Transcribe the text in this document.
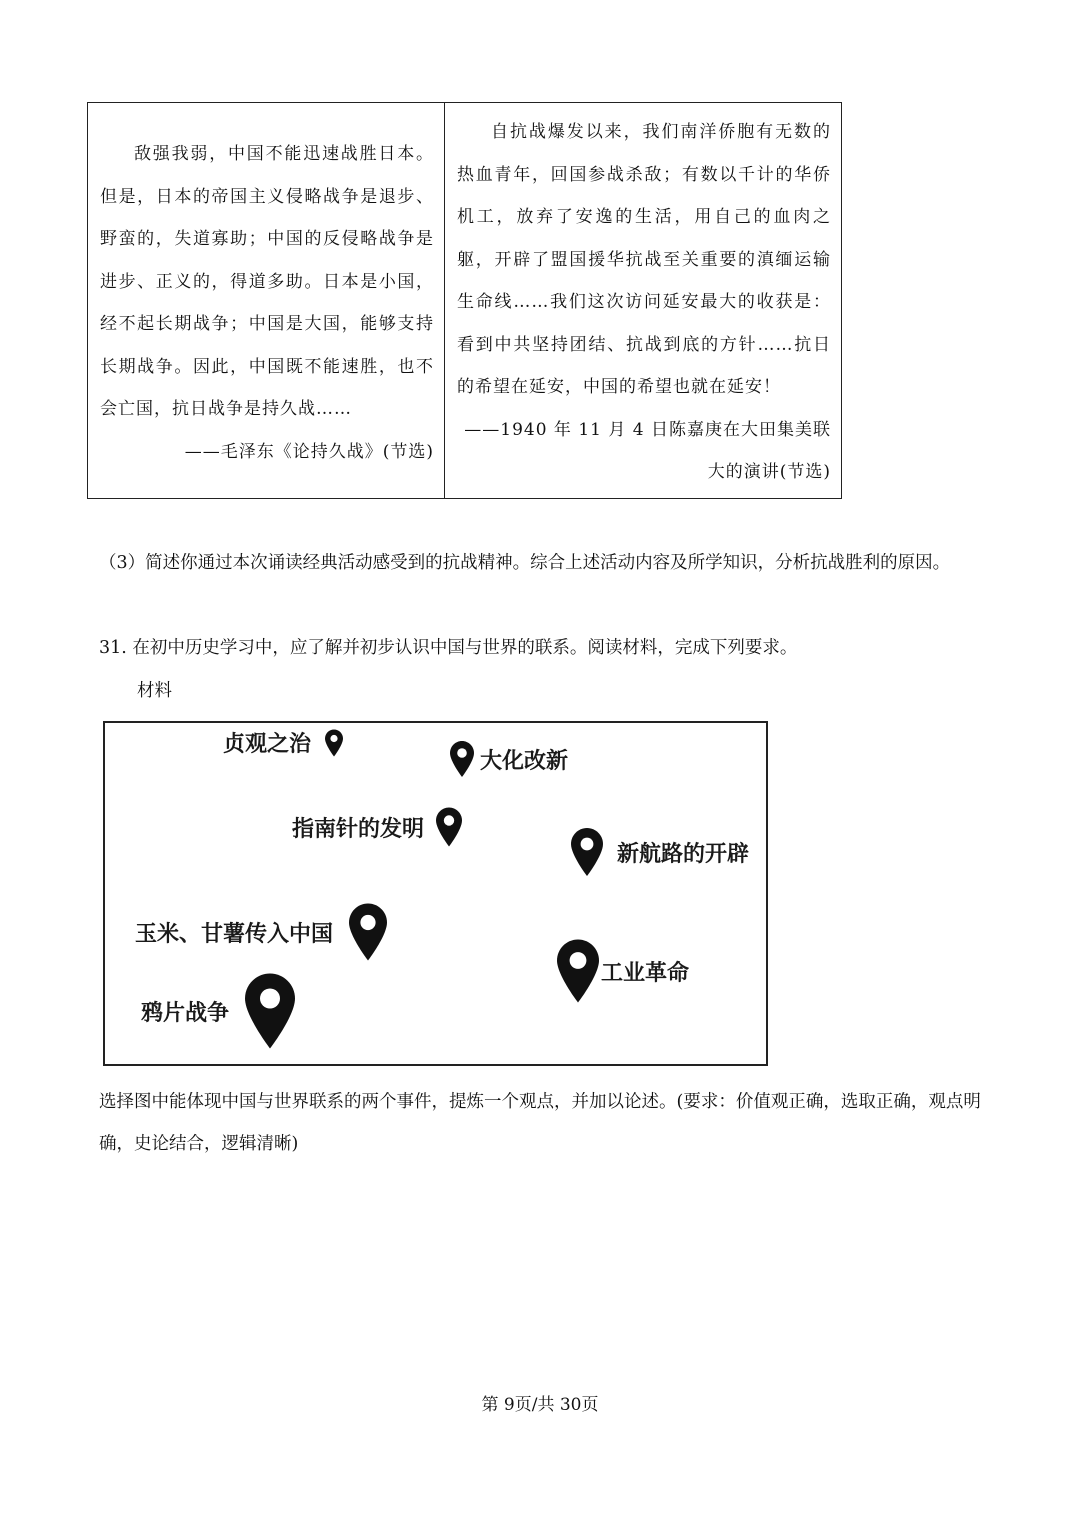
敌强我弱，中国不能迅速战胜日本。但是，日本的帝国主义侵略战争是退步、野蛮的，失道寡助；中国的反侵略战争是进步、正义的，得道多助。日本是小国，经不起长期战争；中国是大国，能够支持长期战争。因此，中国既不能速胜，也不会亡国，抗日战争是持久战……

——毛泽东《论持久战》(节选)

自抗战爆发以来，我们南洋侨胞有无数的热血青年，回国参战杀敌；有数以千计的华侨机工，放弃了安逸的生活，用自己的血肉之躯，开辟了盟国援华抗战至关重要的滇缅运输生命线……我们这次访问延安最大的收获是：看到中共坚持团结、抗战到底的方针……抗日的希望在延安，中国的希望也就在延安！

——1940 年 11 月 4 日陈嘉庚在大田集美联大的演讲(节选)

（3）简述你通过本次诵读经典活动感受到的抗战精神。综合上述活动内容及所学知识，分析抗战胜利的原因。

31. 在初中历史学习中，应了解并初步认识中国与世界的联系。阅读材料，完成下列要求。

材料

贞观之治
大化改新
指南针的发明
新航路的开辟
玉米、甘薯传入中国
工业革命
鸦片战争

选择图中能体现中国与世界联系的两个事件，提炼一个观点，并加以论述。(要求：价值观正确，选取正确，观点明确，史论结合，逻辑清晰)

第 9页/共 30页
